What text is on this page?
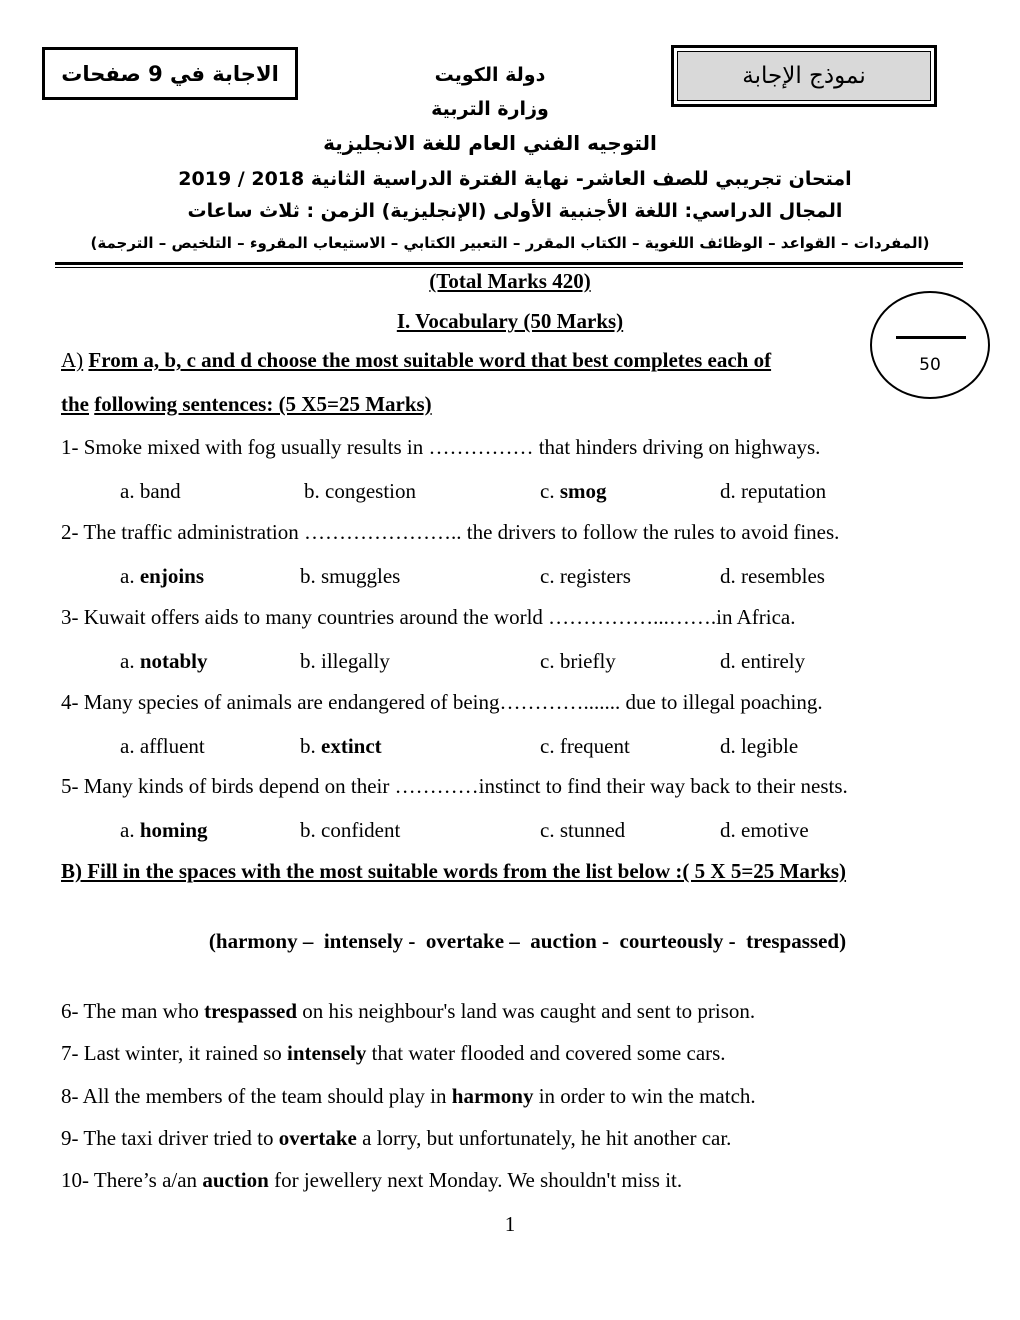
الاجابة في 9 صفحات	نموذج الإجابة
دولة الكويت
وزارة التربية
التوجيه الفني العام للغة الانجليزية
امتحان تجريبي للصف العاشر- نهاية الفترة الدراسية الثانية 2018 / 2019
المجال الدراسي: اللغة الأجنبية الأولى (الإنجليزية) الزمن : ثلاث ساعات
(المفردات – القواعد – الوظائف اللغوية – الكتاب المقرر – التعبير الكتابي – الاستيعاب المقروء – التلخيص – الترجمة)
(Total Marks 420)
I. Vocabulary (50 Marks)
50
A) From a, b, c and d choose the most suitable word that best completes each of
the following sentences: (5 X5=25 Marks)
1- Smoke mixed with fog usually results in …………… that hinders driving on highways.
a. band	b. congestion	c. smog	d. reputation
2- The traffic administration ………………….. the drivers to follow the rules to avoid fines.
a. enjoins	b. smuggles	c. registers	d. resembles
3- Kuwait offers aids to many countries around the world ……………...…….in Africa.
a. notably	b. illegally	c. briefly	d. entirely
4- Many species of animals are endangered of being…………....... due to illegal poaching.
a. affluent	b. extinct	c. frequent	d. legible
5- Many kinds of birds depend on their …………instinct to find their way back to their nests.
a. homing	b. confident	c. stunned	d. emotive
B) Fill in the spaces with the most suitable words from the list below :( 5 X 5=25 Marks)
(harmony –  intensely -  overtake –  auction -  courteously -  trespassed)
6- The man who trespassed on his neighbour's land was caught and sent to prison.
7- Last winter, it rained so intensely that water flooded and covered some cars.
8- All the members of the team should play in harmony in order to win the match.
9- The taxi driver tried to overtake a lorry, but unfortunately, he hit another car.
10- There’s a/an auction for jewellery next Monday. We shouldn't miss it.
1
